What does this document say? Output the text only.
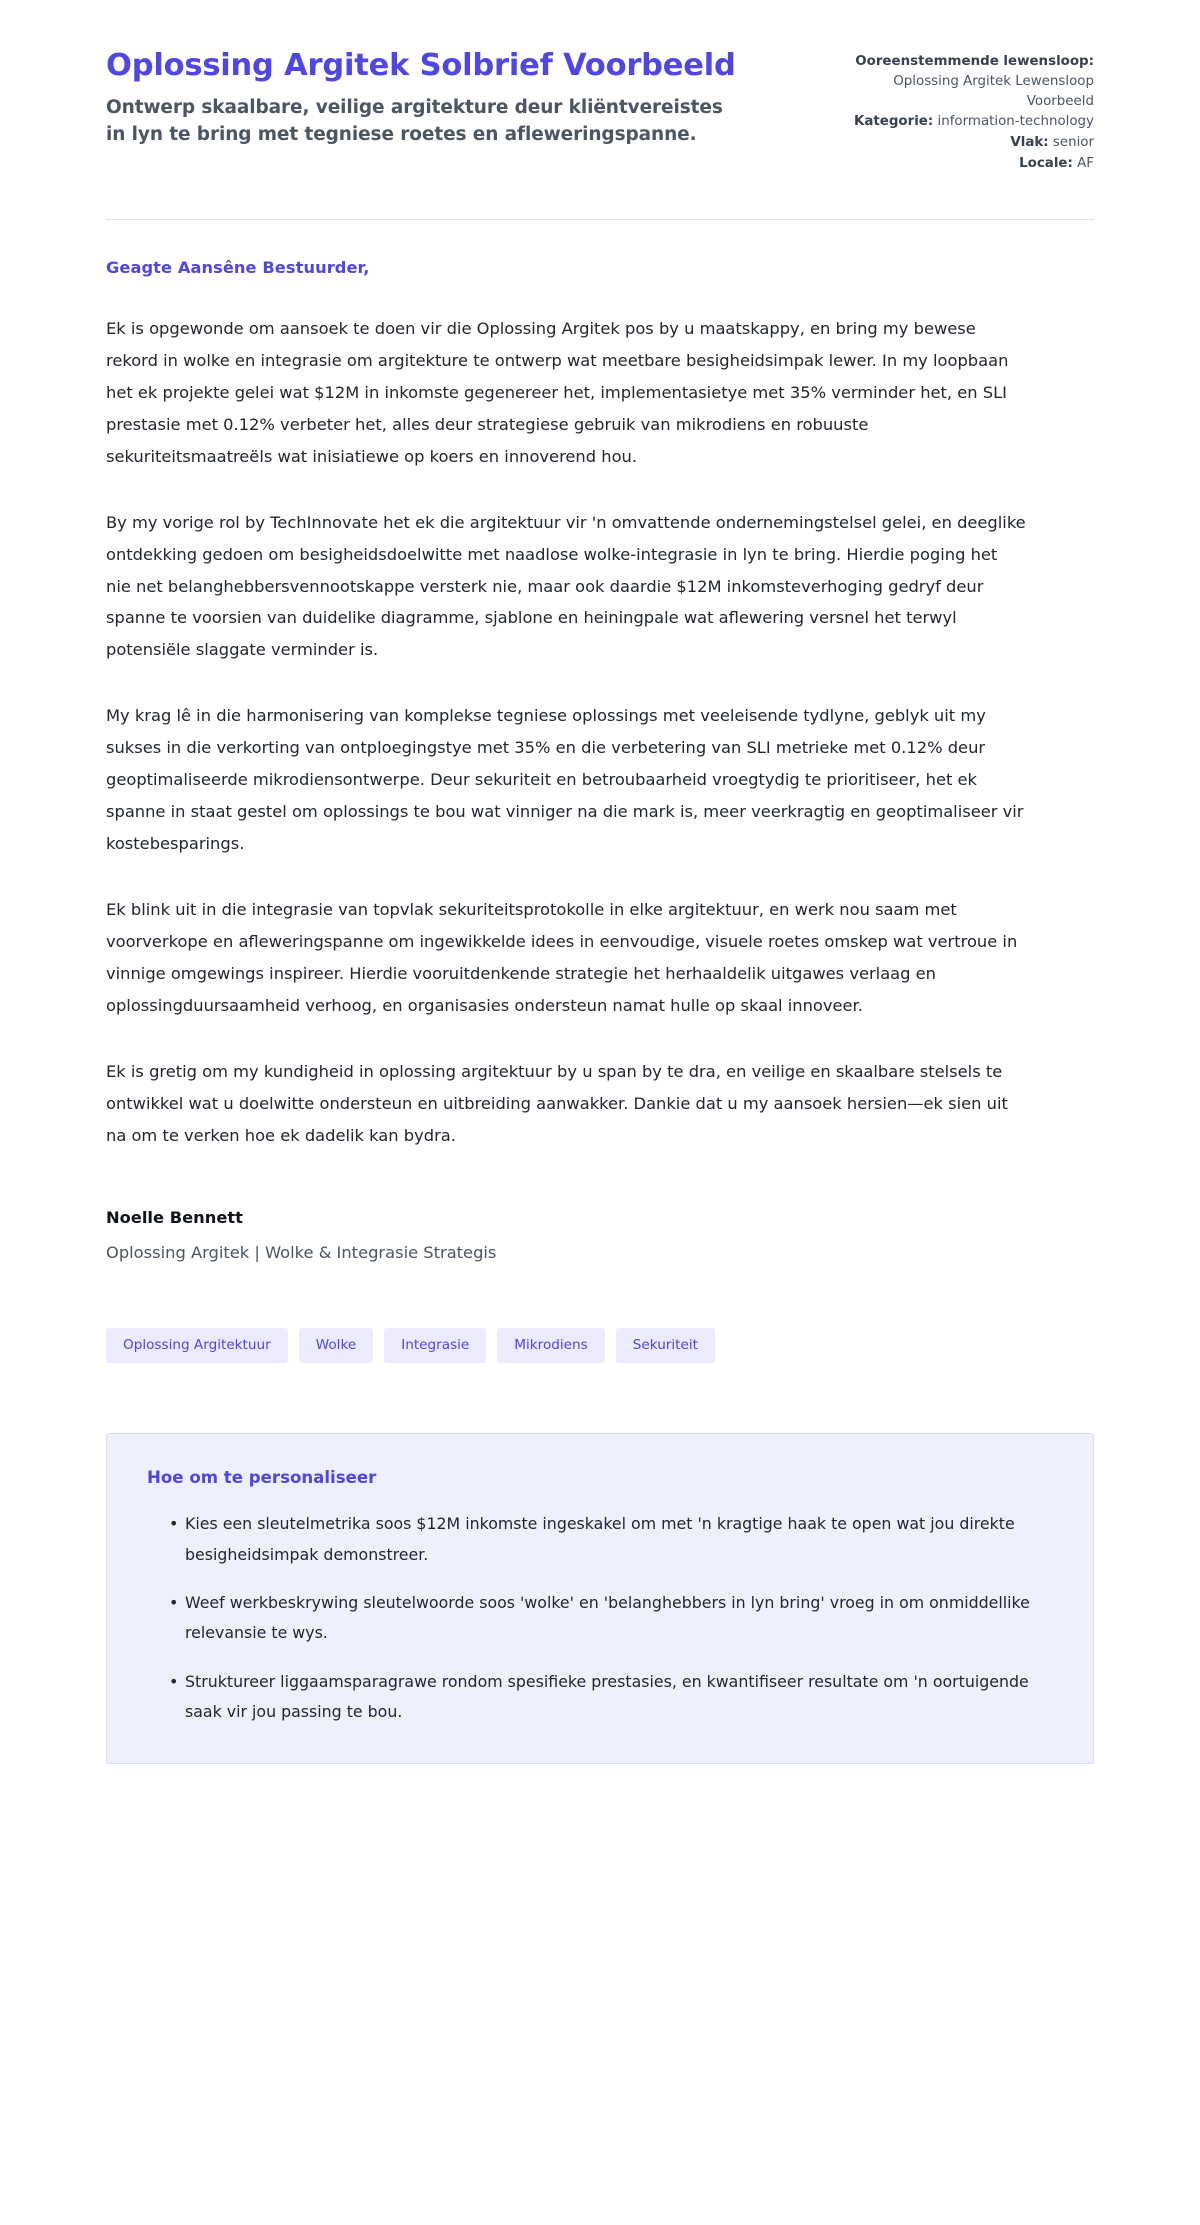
Oplossing Argitek Solbrief Voorbeeld

Ontwerp skaalbare, veilige argitekture deur kliëntvereistes in lyn te bring met tegniese roetes en afleweringspanne.

Ooreenstemmende lewensloop: Oplossing Argitek Lewensloop Voorbeeld

Kategorie: information-technology

Vlak: senior

Locale: AF

Geagte Aansêne Bestuurder,

Ek is opgewonde om aansoek te doen vir die Oplossing Argitek pos by u maatskappy, en bring my bewese rekord in wolke en integrasie om argitekture te ontwerp wat meetbare besigheidsimpak lewer. In my loopbaan het ek projekte gelei wat $12M in inkomste gegenereer het, implementasietye met 35% verminder het, en SLI prestasie met 0.12% verbeter het, alles deur strategiese gebruik van mikrodiens en robuuste sekuriteitsmaatreëls wat inisiatiewe op koers en innoverend hou.

By my vorige rol by TechInnovate het ek die argitektuur vir 'n omvattende ondernemingstelsel gelei, en deeglike ontdekking gedoen om besigheidsdoelwitte met naadlose wolke-integrasie in lyn te bring. Hierdie poging het nie net belanghebbersvennootskappe versterk nie, maar ook daardie $12M inkomsteverhoging gedryf deur spanne te voorsien van duidelike diagramme, sjablone en heiningpale wat aflewering versnel het terwyl potensiële slaggate verminder is.

My krag lê in die harmonisering van komplekse tegniese oplossings met veeleisende tydlyne, geblyk uit my sukses in die verkorting van ontploegingstye met 35% en die verbetering van SLI metrieke met 0.12% deur geoptimaliseerde mikrodiensontwerpe. Deur sekuriteit en betroubaarheid vroegtydig te prioritiseer, het ek spanne in staat gestel om oplossings te bou wat vinniger na die mark is, meer veerkragtig en geoptimaliseer vir kostebesparings.

Ek blink uit in die integrasie van topvlak sekuriteitsprotokolle in elke argitektuur, en werk nou saam met voorverkope en afleweringspanne om ingewikkelde idees in eenvoudige, visuele roetes omskep wat vertroue in vinnige omgewings inspireer. Hierdie vooruitdenkende strategie het herhaaldelik uitgawes verlaag en oplossingduursaamheid verhoog, en organisasies ondersteun namat hulle op skaal innoveer.

Ek is gretig om my kundigheid in oplossing argitektuur by u span by te dra, en veilige en skaalbare stelsels te ontwikkel wat u doelwitte ondersteun en uitbreiding aanwakker. Dankie dat u my aansoek hersien—ek sien uit na om te verken hoe ek dadelik kan bydra.

Noelle Bennett

Oplossing Argitek | Wolke & Integrasie Strategis

Oplossing Argitektuur	Wolke	Integrasie	Mikrodiens	Sekuriteit
Hoe om te personaliseer
• Kies een sleutelmetrika soos $12M inkomste ingeskakel om met 'n kragtige haak te open wat jou direkte besigheidsimpak demonstreer.
• Weef werkbeskrywing sleutelwoorde soos 'wolke' en 'belanghebbers in lyn bring' vroeg in om onmiddellike relevansie te wys.
• Struktureer liggaamsparagrawe rondom spesifieke prestasies, en kwantifiseer resultate om 'n oortuigende saak vir jou passing te bou.
